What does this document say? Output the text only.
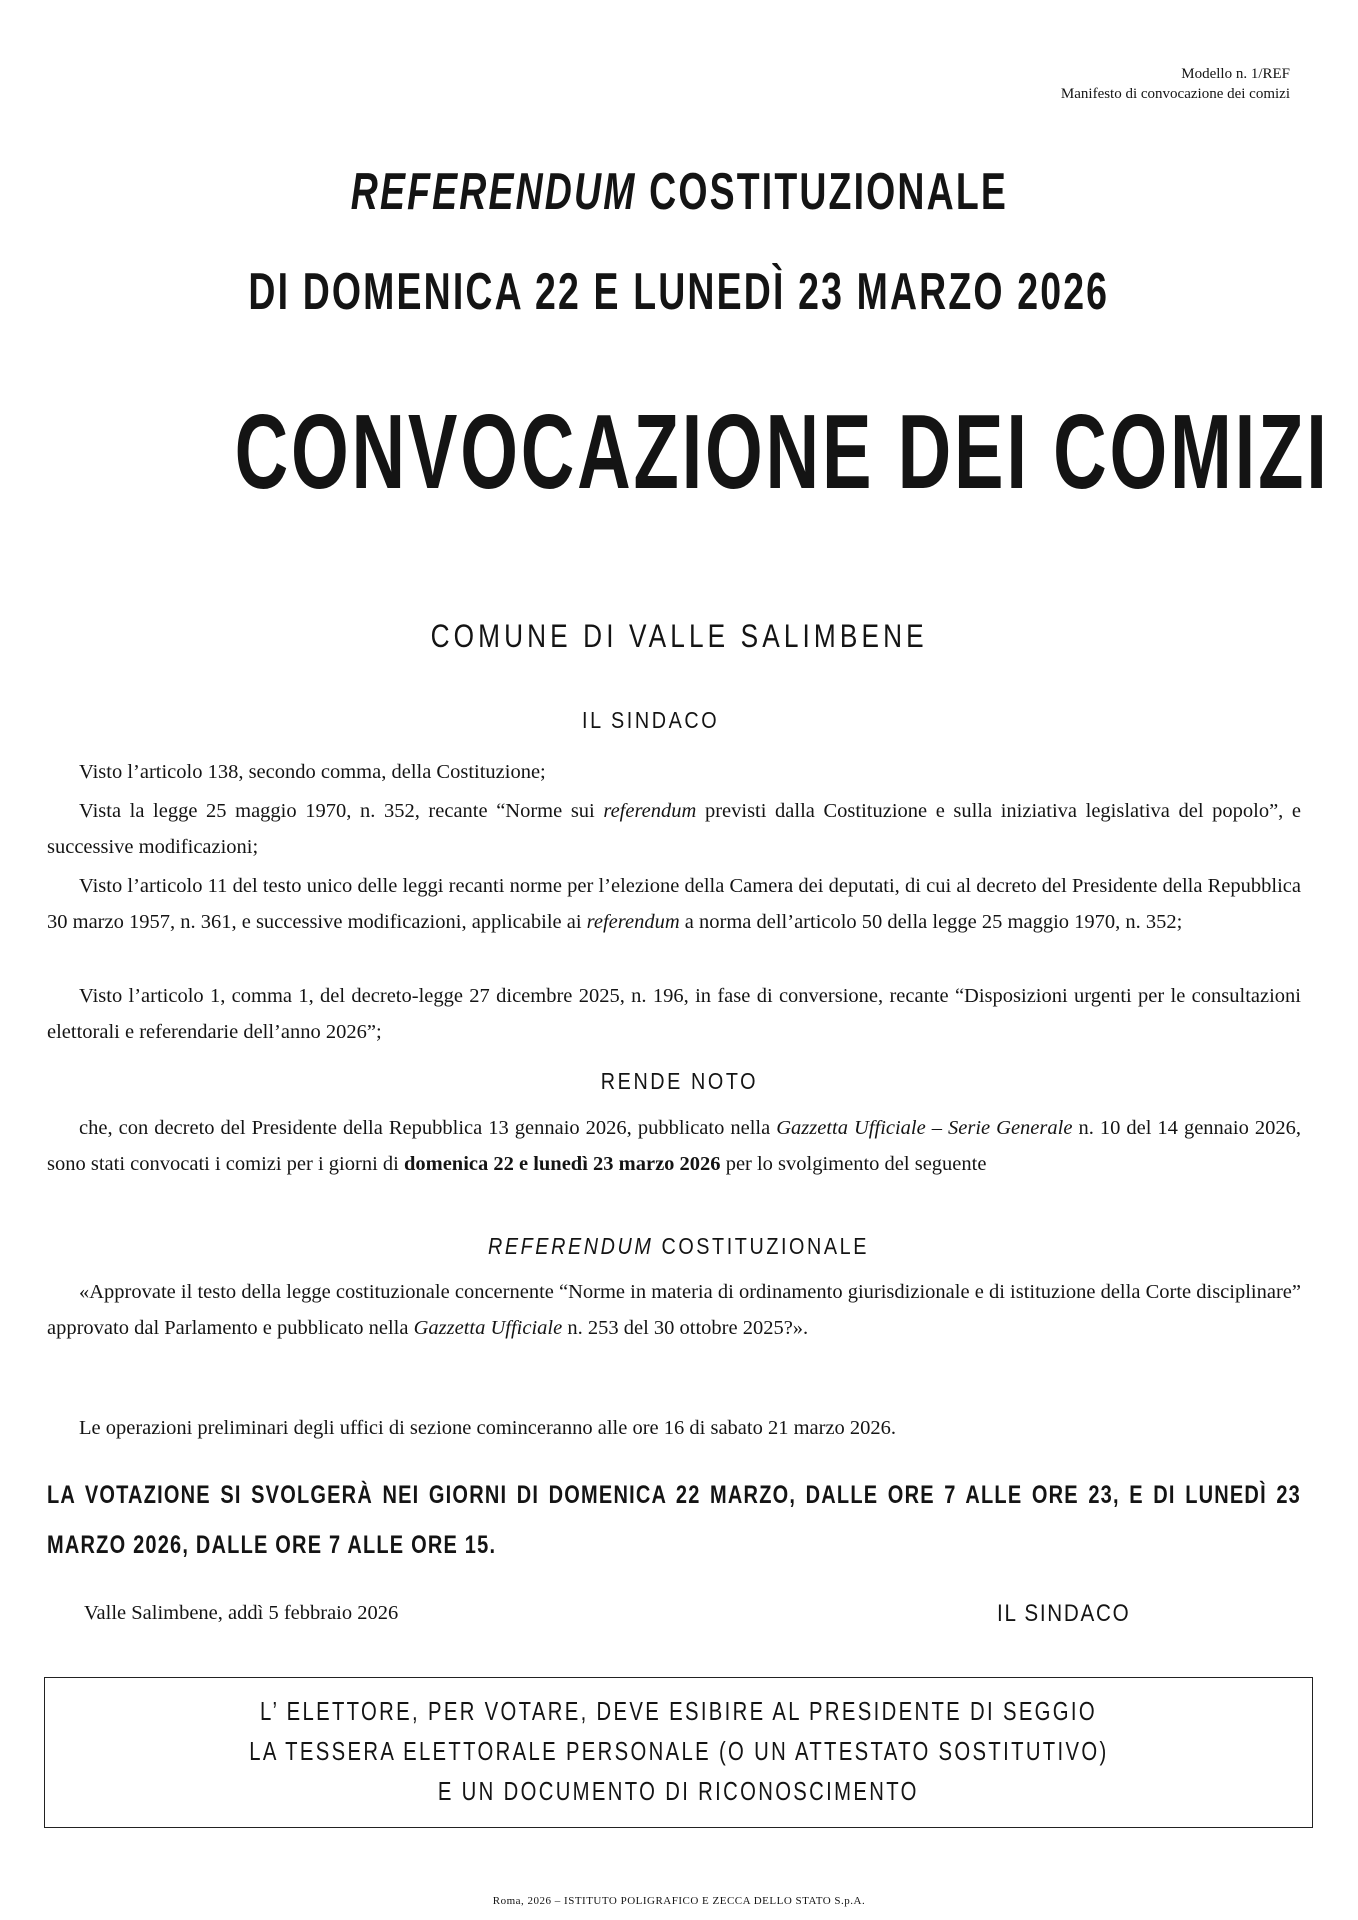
Modello n. 1/REF
Manifesto di convocazione dei comizi
REFERENDUM COSTITUZIONALE
DI DOMENICA 22 E LUNEDÌ 23 MARZO 2026
CONVOCAZIONE DEI COMIZI
COMUNE DI VALLE SALIMBENE
IL SINDACO
Visto l’articolo 138, secondo comma, della Costituzione;
Vista la legge 25 maggio 1970, n. 352, recante “Norme sui referendum previsti dalla Costituzione e sulla iniziativa legislativa del popolo”, e successive modificazioni;
Visto l’articolo 11 del testo unico delle leggi recanti norme per l’elezione della Camera dei deputati, di cui al decreto del Presidente della Repubblica 30 marzo 1957, n. 361, e successive modificazioni, applicabile ai referendum a norma dell’articolo 50 della legge 25 maggio 1970, n. 352;
Visto l’articolo 1, comma 1, del decreto-legge 27 dicembre 2025, n. 196, in fase di conversione, recante “Disposizioni urgenti per le consultazioni elettorali e referendarie dell’anno 2026”;
RENDE NOTO
che, con decreto del Presidente della Repubblica 13 gennaio 2026, pubblicato nella Gazzetta Ufficiale – Serie Generale n. 10 del 14 gennaio 2026, sono stati convocati i comizi per i giorni di domenica 22 e lunedì 23 marzo 2026 per lo svolgimento del seguente
REFERENDUM COSTITUZIONALE
«Approvate il testo della legge costituzionale concernente “Norme in materia di ordinamento giurisdizionale e di istituzione della Corte disciplinare” approvato dal Parlamento e pubblicato nella Gazzetta Ufficiale n. 253 del 30 ottobre 2025?».
Le operazioni preliminari degli uffici di sezione cominceranno alle ore 16 di sabato 21 marzo 2026.
LA VOTAZIONE SI SVOLGERÀ NEI GIORNI DI DOMENICA 22 MARZO, DALLE ORE 7 ALLE ORE 23, E DI LUNEDÌ 23 MARZO 2026, DALLE ORE 7 ALLE ORE 15.
Valle Salimbene, addì 5 febbraio 2026	IL SINDACO
L’ ELETTORE, PER VOTARE, DEVE ESIBIRE AL PRESIDENTE DI SEGGIO
LA TESSERA ELETTORALE PERSONALE (O UN ATTESTATO SOSTITUTIVO)
E UN DOCUMENTO DI RICONOSCIMENTO
Roma, 2026 – ISTITUTO POLIGRAFICO E ZECCA DELLO STATO S.p.A.
